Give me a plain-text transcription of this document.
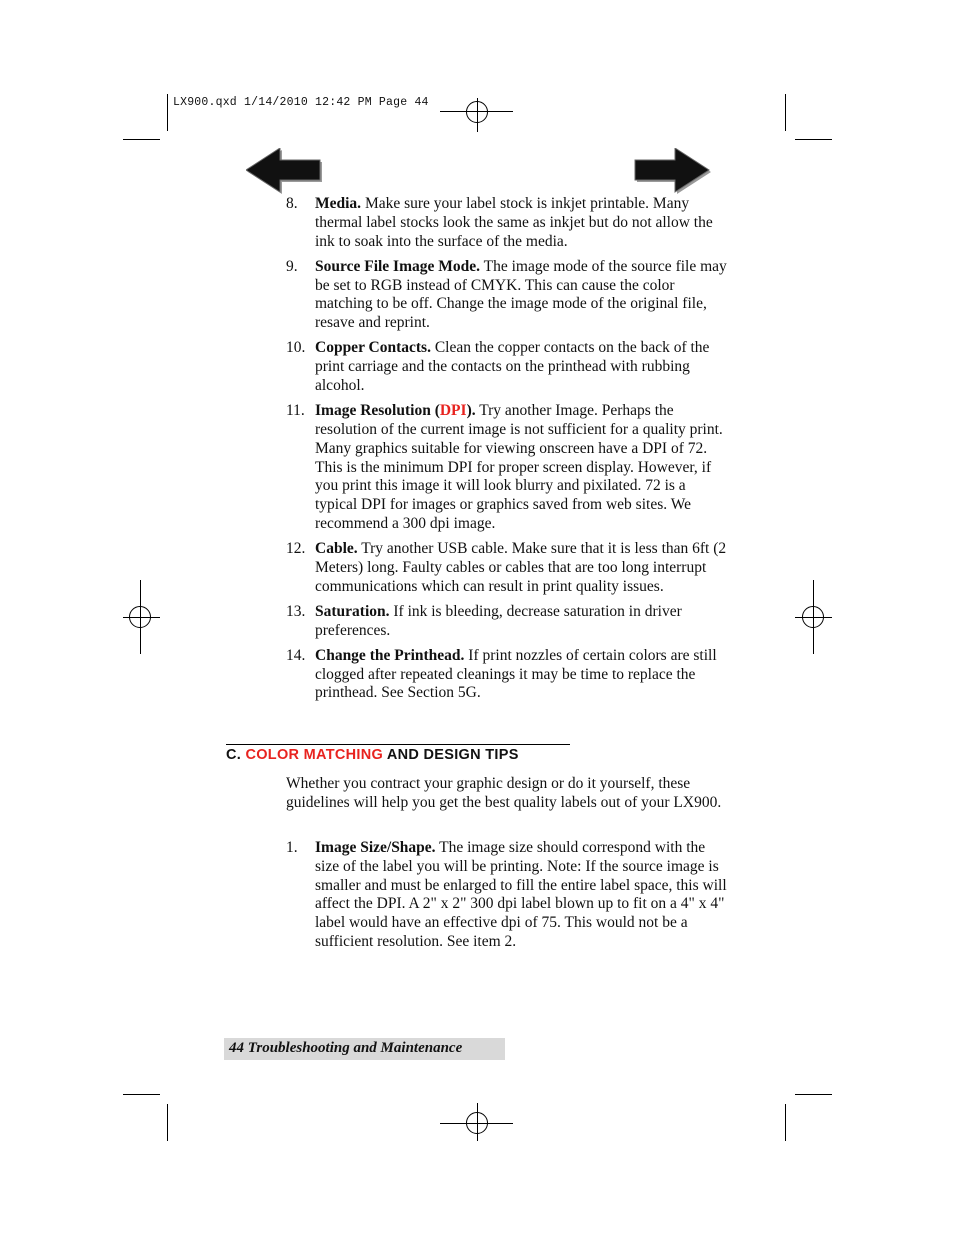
LX900.qxd 1/14/2010 12:42 PM Page 44
8. Media. Make sure your label stock is inkjet printable. Many thermal label stocks look the same as inkjet but do not allow the ink to soak into the surface of the media.
9. Source File Image Mode. The image mode of the source file may be set to RGB instead of CMYK. This can cause the color matching to be off. Change the image mode of the original file, resave and reprint.
10. Copper Contacts. Clean the copper contacts on the back of the print carriage and the contacts on the printhead with rubbing alcohol.
11. Image Resolution (DPI). Try another Image. Perhaps the resolution of the current image is not sufficient for a quality print. Many graphics suitable for viewing onscreen have a DPI of 72. This is the minimum DPI for proper screen display. However, if you print this image it will look blurry and pixilated. 72 is a typical DPI for images or graphics saved from web sites. We recommend a 300 dpi image.
12. Cable. Try another USB cable. Make sure that it is less than 6ft (2 Meters) long. Faulty cables or cables that are too long interrupt communications which can result in print quality issues.
13. Saturation. If ink is bleeding, decrease saturation in driver preferences.
14. Change the Printhead. If print nozzles of certain colors are still clogged after repeated cleanings it may be time to replace the printhead. See Section 5G.
C. COLOR MATCHING AND DESIGN TIPS
Whether you contract your graphic design or do it yourself, these guidelines will help you get the best quality labels out of your LX900.
1. Image Size/Shape. The image size should correspond with the size of the label you will be printing. Note: If the source image is smaller and must be enlarged to fill the entire label space, this will affect the DPI. A 2" x 2" 300 dpi label blown up to fit on a 4" x 4" label would have an effective dpi of 75. This would not be a sufficient resolution. See item 2.
44 Troubleshooting and Maintenance
